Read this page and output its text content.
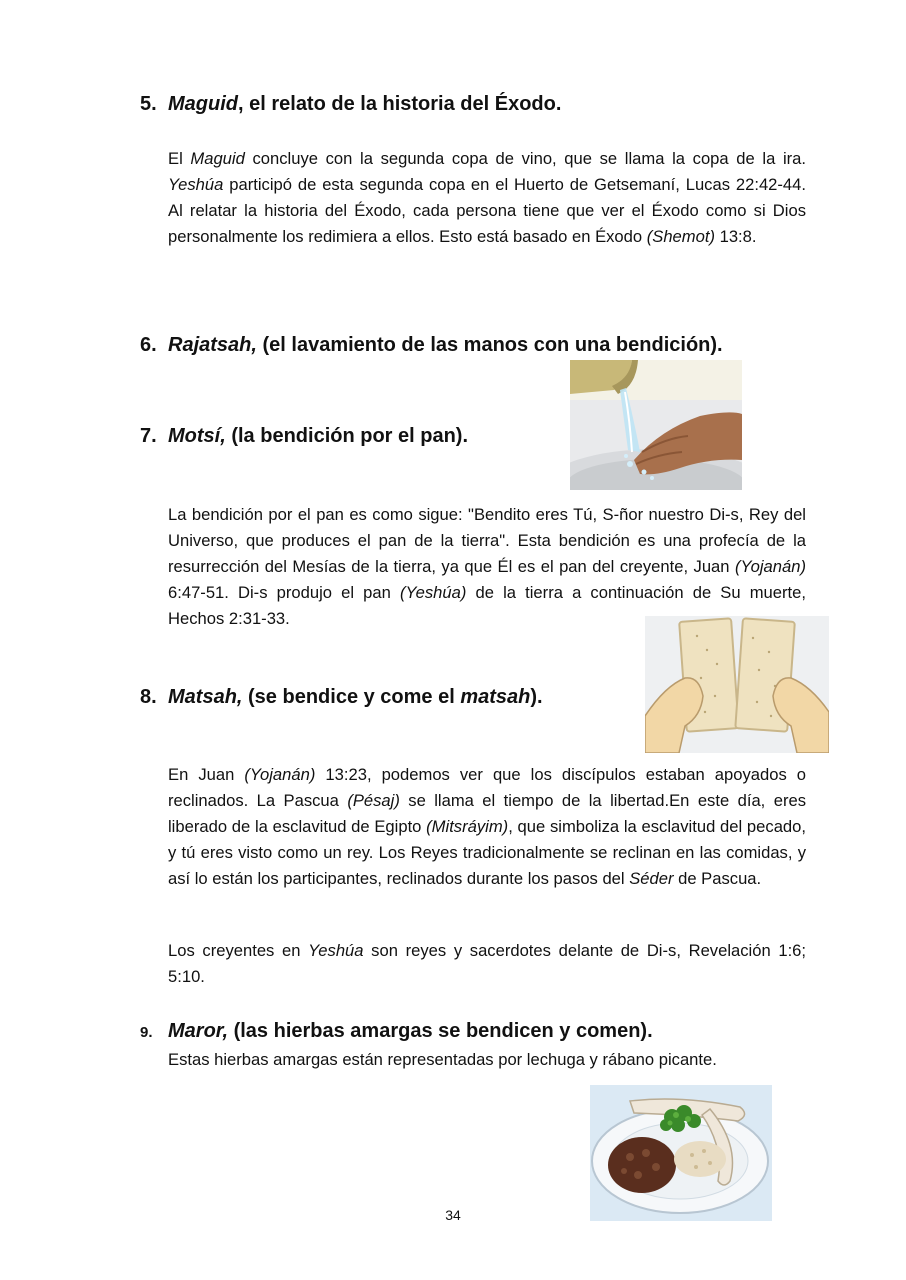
5. Maguid, el relato de la historia del Éxodo.

El Maguid concluye con la segunda copa de vino, que se llama la copa de la ira. Yeshúa participó de esta segunda copa en el Huerto de Getsemaní, Lucas 22:42-44. Al relatar la historia del Éxodo, cada persona tiene que ver el Éxodo como si Dios personalmente los redimiera a ellos. Esto está basado en Éxodo (Shemot) 13:8.

6. Rajatsah, (el lavamiento de las manos con una bendición).
7. Motsí, (la bendición por el pan).

La bendición por el pan es como sigue: "Bendito eres Tú, S-ñor nuestro Di-s, Rey del Universo, que produces el pan de la tierra". Esta bendición es una profecía de la resurrección del Mesías de la tierra, ya que Él es el pan del creyente, Juan (Yojanán) 6:47-51. Di-s produjo el pan (Yeshúa) de la tierra a continuación de Su muerte, Hechos 2:31-33.

8. Matsah, (se bendice y come el matsah).

En Juan (Yojanán) 13:23, podemos ver que los discípulos estaban apoyados o reclinados. La Pascua (Pésaj) se llama el tiempo de la libertad.En este día, eres liberado de la esclavitud de Egipto (Mitsráyim), que simboliza la esclavitud del pecado, y tú eres visto como un rey. Los Reyes tradicionalmente se reclinan en las comidas, y así lo están los participantes, reclinados durante los pasos del Séder de Pascua.

Los creyentes en Yeshúa son reyes y sacerdotes delante de Di-s, Revelación 1:6; 5:10.

9. Maror, (las hierbas amargas se bendicen y comen).

Estas hierbas amargas están representadas por lechuga y rábano picante.

34
